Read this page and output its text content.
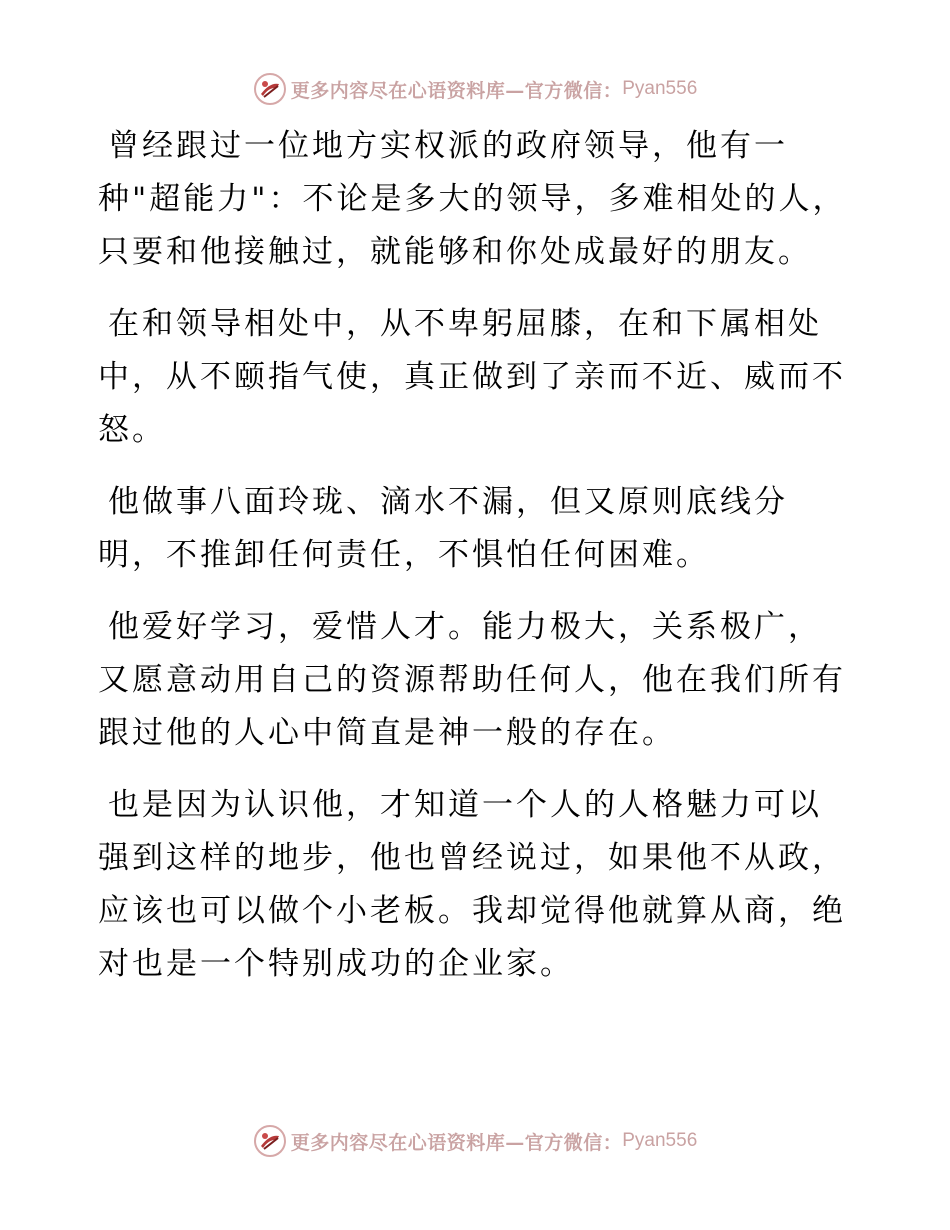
更多内容尽在心语资料库—官方微信： Pyan556

曾经跟过一位地方实权派的政府领导，他有一
种"超能力"：不论是多大的领导，多难相处的人，
只要和他接触过，就能够和你处成最好的朋友。

在和领导相处中，从不卑躬屈膝，在和下属相处
中，从不颐指气使，真正做到了亲而不近、威而不
怒。

他做事八面玲珑、滴水不漏，但又原则底线分
明，不推卸任何责任，不惧怕任何困难。

他爱好学习，爱惜人才。能力极大，关系极广，
又愿意动用自己的资源帮助任何人，他在我们所有
跟过他的人心中简直是神一般的存在。

也是因为认识他，才知道一个人的人格魅力可以
强到这样的地步，他也曾经说过，如果他不从政，
应该也可以做个小老板。我却觉得他就算从商，绝
对也是一个特别成功的企业家。

更多内容尽在心语资料库—官方微信： Pyan556
